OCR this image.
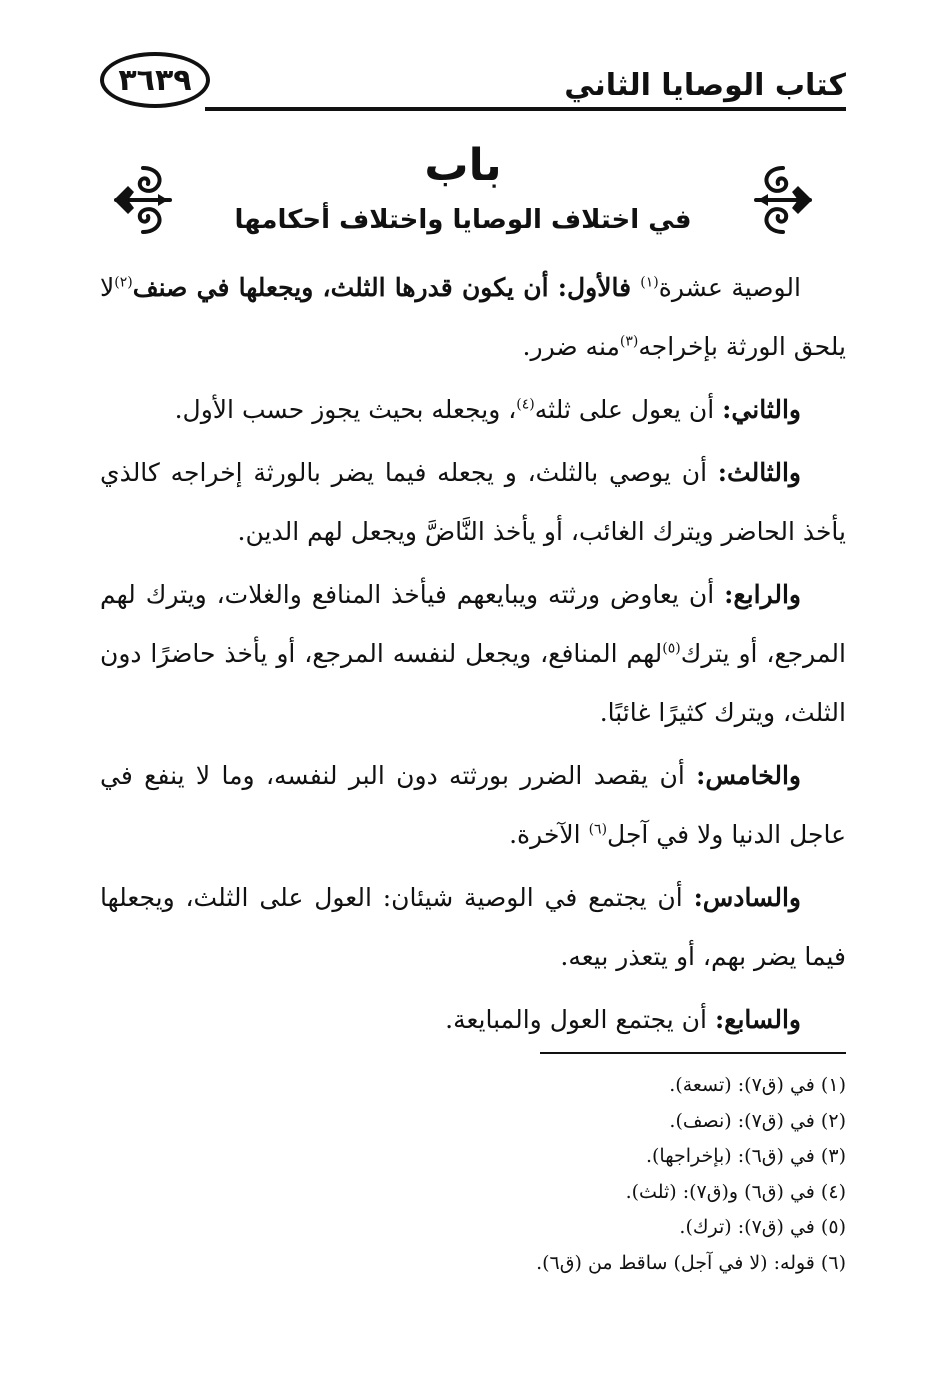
كتاب الوصايا الثاني
٣٦٣٩
باب
في اختلاف الوصايا واختلاف أحكامها

الوصية عشرة$^{(١)}$ فالأول: أن يكون قدرها الثلث، ويجعلها في صنف$^{(٢)}$لا يلحق الورثة بإخراجه$^{(٣)}$منه ضرر.

والثاني: أن يعول على ثلثه$^{(٤)}$، ويجعله بحيث يجوز حسب الأول.

والثالث: أن يوصي بالثلث، و يجعله فيما يضر بالورثة إخراجه كالذي يأخذ الحاضر ويترك الغائب، أو يأخذ النَّاضَّ ويجعل لهم الدين.

والرابع: أن يعاوض ورثته ويبايعهم فيأخذ المنافع والغلات، ويترك لهم المرجع، أو يترك$^{(٥)}$لهم المنافع، ويجعل لنفسه المرجع، أو يأخذ حاضرًا دون الثلث، ويترك كثيرًا غائبًا.

والخامس: أن يقصد الضرر بورثته دون البر لنفسه، وما لا ينفع في عاجل الدنيا ولا في آجل$^{(٦)}$ الآخرة.

والسادس: أن يجتمع في الوصية شيئان: العول على الثلث، ويجعلها فيما يضر بهم، أو يتعذر بيعه.

والسابع: أن يجتمع العول والمبايعة.

(١) في (ق٧): (تسعة).
(٢) في (ق٧): (نصف).
(٣) في (ق٦): (بإخراجها).
(٤) في (ق٦) و(ق٧): (ثلث).
(٥) في (ق٧): (ترك).
(٦) قوله: (لا في آجل) ساقط من (ق٦).
